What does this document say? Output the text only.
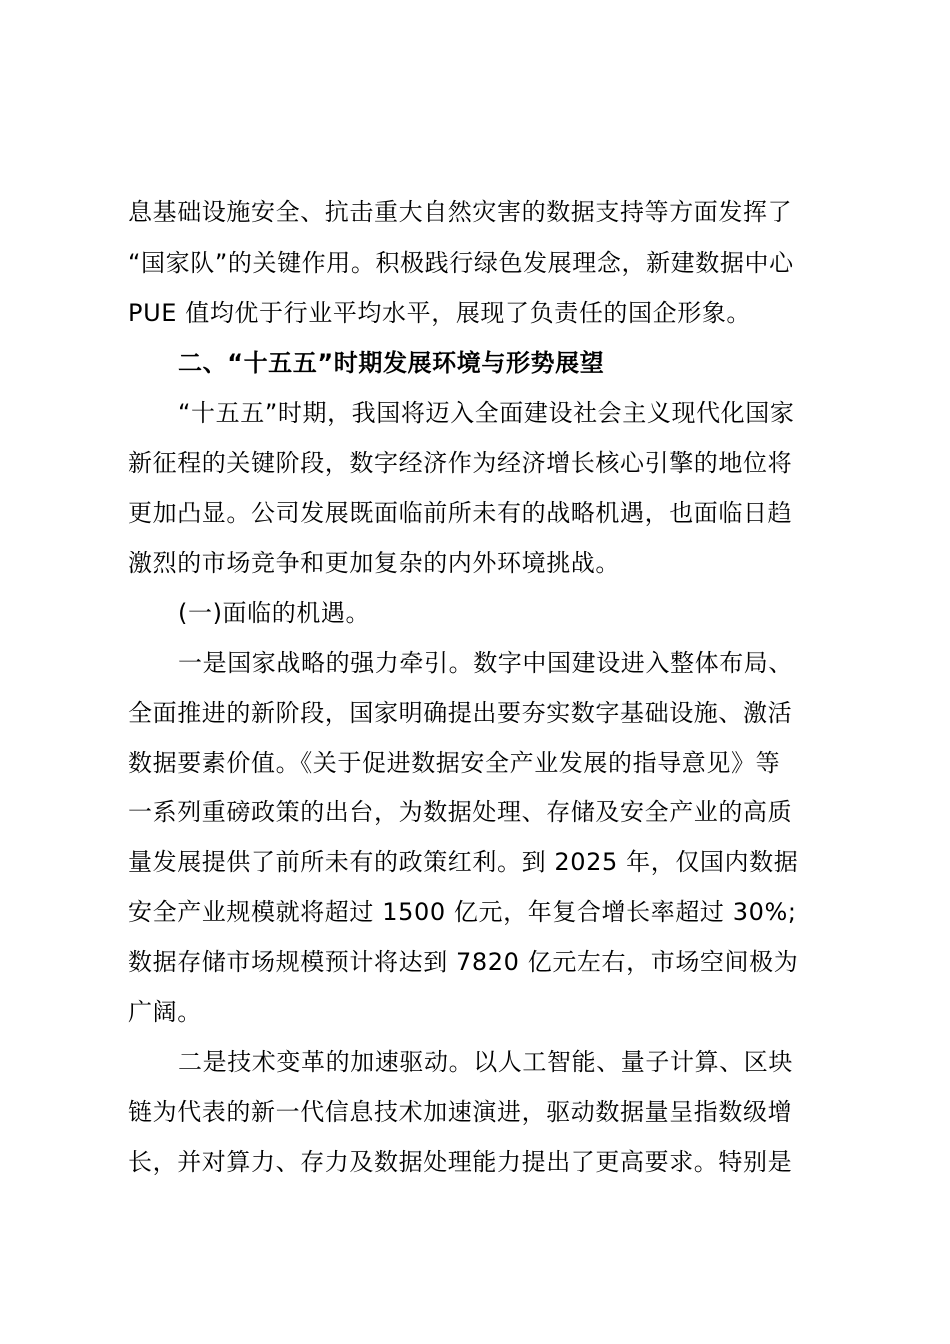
息基础设施安全、抗击重大自然灾害的数据支持等方面发挥了
“国家队”的关键作用。积极践行绿色发展理念，新建数据中心
PUE 值均优于行业平均水平，展现了负责任的国企形象。
二、“十五五”时期发展环境与形势展望
“十五五”时期，我国将迈入全面建设社会主义现代化国家
新征程的关键阶段，数字经济作为经济增长核心引擎的地位将
更加凸显。公司发展既面临前所未有的战略机遇，也面临日趋
激烈的市场竞争和更加复杂的内外环境挑战。
(一)面临的机遇。
一是国家战略的强力牵引。数字中国建设进入整体布局、
全面推进的新阶段，国家明确提出要夯实数字基础设施、激活
数据要素价值。《关于促进数据安全产业发展的指导意见》等
一系列重磅政策的出台，为数据处理、存储及安全产业的高质
量发展提供了前所未有的政策红利。到 2025 年，仅国内数据
安全产业规模就将超过 1500 亿元，年复合增长率超过 30%;
数据存储市场规模预计将达到 7820 亿元左右，市场空间极为
广阔。
二是技术变革的加速驱动。以人工智能、量子计算、区块
链为代表的新一代信息技术加速演进，驱动数据量呈指数级增
长，并对算力、存力及数据处理能力提出了更高要求。特别是
